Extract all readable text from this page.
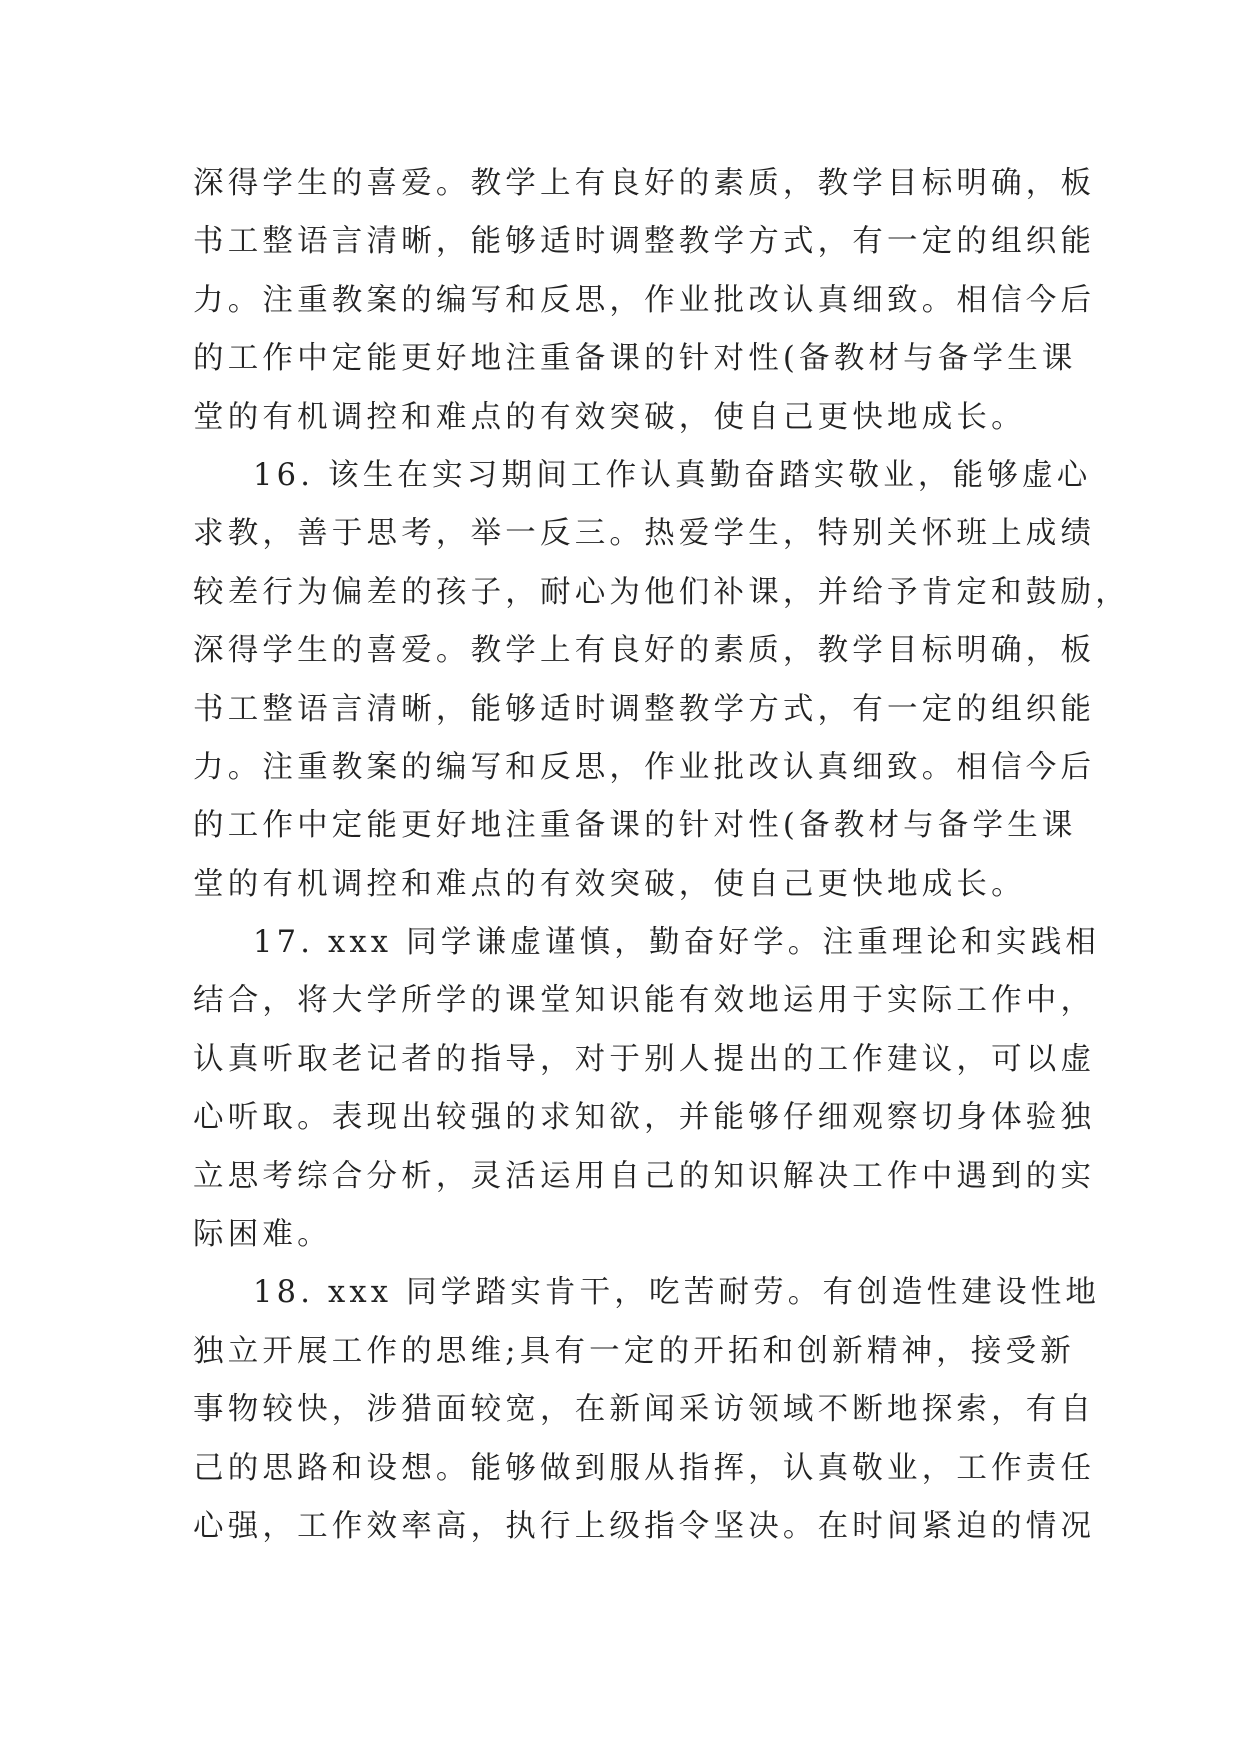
深得学生的喜爱。教学上有良好的素质，教学目标明确，板
书工整语言清晰，能够适时调整教学方式，有一定的组织能
力。注重教案的编写和反思，作业批改认真细致。相信今后
的工作中定能更好地注重备课的针对性(备教材与备学生课
堂的有机调控和难点的有效突破，使自己更快地成长。
16. 该生在实习期间工作认真勤奋踏实敬业，能够虚心
求教，善于思考，举一反三。热爱学生，特别关怀班上成绩
较差行为偏差的孩子，耐心为他们补课，并给予肯定和鼓励，
深得学生的喜爱。教学上有良好的素质，教学目标明确，板
书工整语言清晰，能够适时调整教学方式，有一定的组织能
力。注重教案的编写和反思，作业批改认真细致。相信今后
的工作中定能更好地注重备课的针对性(备教材与备学生课
堂的有机调控和难点的有效突破，使自己更快地成长。
17. xxx 同学谦虚谨慎，勤奋好学。注重理论和实践相
结合，将大学所学的课堂知识能有效地运用于实际工作中，
认真听取老记者的指导，对于别人提出的工作建议，可以虚
心听取。表现出较强的求知欲，并能够仔细观察切身体验独
立思考综合分析，灵活运用自己的知识解决工作中遇到的实
际困难。
18. xxx 同学踏实肯干，吃苦耐劳。有创造性建设性地
独立开展工作的思维;具有一定的开拓和创新精神，接受新
事物较快，涉猎面较宽，在新闻采访领域不断地探索，有自
己的思路和设想。能够做到服从指挥，认真敬业，工作责任
心强，工作效率高，执行上级指令坚决。在时间紧迫的情况
